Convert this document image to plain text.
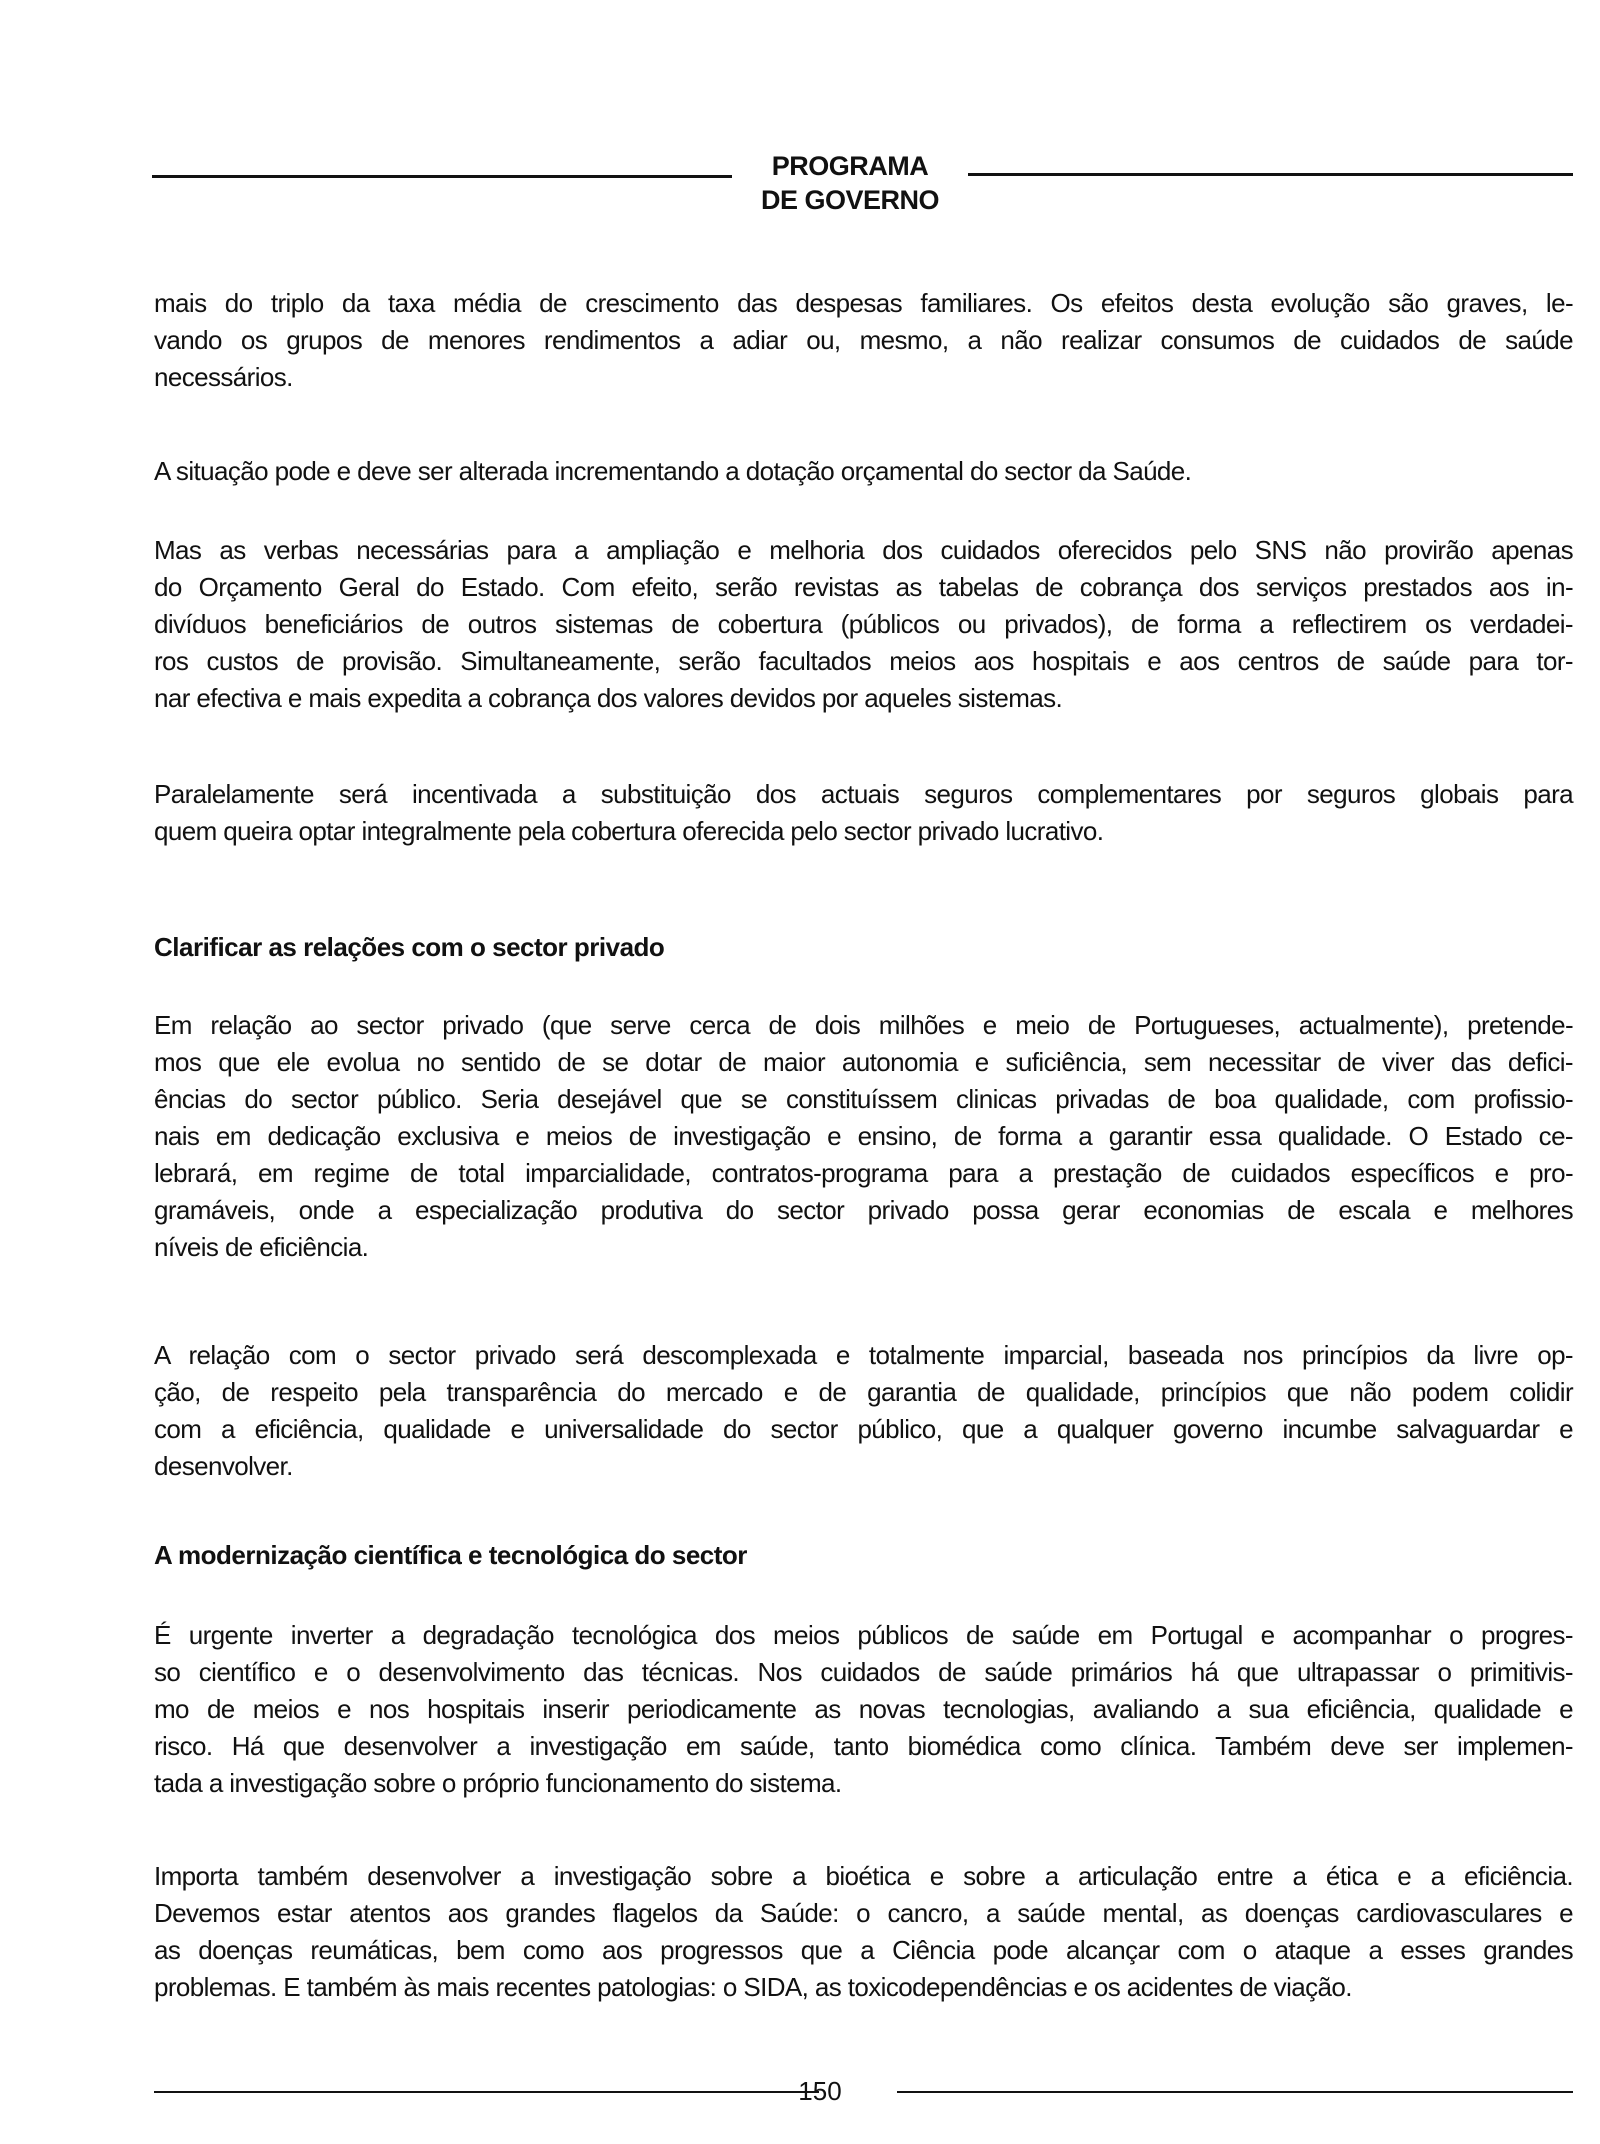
PROGRAMA
DE GOVERNO
mais do triplo da taxa média de crescimento das despesas familiares. Os efeitos desta evolução são graves, le-
vando os grupos de menores rendimentos a adiar ou, mesmo, a não realizar consumos de cuidados de saúde
necessários.
A situação pode e deve ser alterada incrementando a dotação orçamental do sector da Saúde.
Mas as verbas necessárias para a ampliação e melhoria dos cuidados oferecidos pelo SNS não provirão apenas
do Orçamento Geral do Estado. Com efeito, serão revistas as tabelas de cobrança dos serviços prestados aos in-
divíduos beneficiários de outros sistemas de cobertura (públicos ou privados), de forma a reflectirem os verdadei-
ros custos de provisão. Simultaneamente, serão facultados meios aos hospitais e aos centros de saúde para tor-
nar efectiva e mais expedita a cobrança dos valores devidos por aqueles sistemas.
Paralelamente será incentivada a substituição dos actuais seguros complementares por seguros globais para
quem queira optar integralmente pela cobertura oferecida pelo sector privado lucrativo.
Clarificar as relações com o sector privado
Em relação ao sector privado (que serve cerca de dois milhões e meio de Portugueses, actualmente), pretende-
mos que ele evolua no sentido de se dotar de maior autonomia e suficiência, sem necessitar de viver das defici-
ências do sector público. Seria desejável que se constituíssem clinicas privadas de boa qualidade, com profissio-
nais em dedicação exclusiva e meios de investigação e ensino, de forma a garantir essa qualidade. O Estado ce-
lebrará, em regime de total imparcialidade, contratos-programa para a prestação de cuidados específicos e pro-
gramáveis, onde a especialização produtiva do sector privado possa gerar economias de escala e melhores
níveis de eficiência.
A relação com o sector privado será descomplexada e totalmente imparcial, baseada nos princípios da livre op-
ção, de respeito pela transparência do mercado e de garantia de qualidade, princípios que não podem colidir
com a eficiência, qualidade e universalidade do sector público, que a qualquer governo incumbe salvaguardar e
desenvolver.
A modernização científica e tecnológica do sector
É urgente inverter a degradação tecnológica dos meios públicos de saúde em Portugal e acompanhar o progres-
so científico e o desenvolvimento das técnicas. Nos cuidados de saúde primários há que ultrapassar o primitivis-
mo de meios e nos hospitais inserir periodicamente as novas tecnologias, avaliando a sua eficiência, qualidade e
risco. Há que desenvolver a investigação em saúde, tanto biomédica como clínica. Também deve ser implemen-
tada a investigação sobre o próprio funcionamento do sistema.
Importa também desenvolver a investigação sobre a bioética e sobre a articulação entre a ética e a eficiência.
Devemos estar atentos aos grandes flagelos da Saúde: o cancro, a saúde mental, as doenças cardiovasculares e
as doenças reumáticas, bem como aos progressos que a Ciência pode alcançar com o ataque a esses grandes
problemas. E também às mais recentes patologias: o SIDA, as toxicodependências e os acidentes de viação.
150
